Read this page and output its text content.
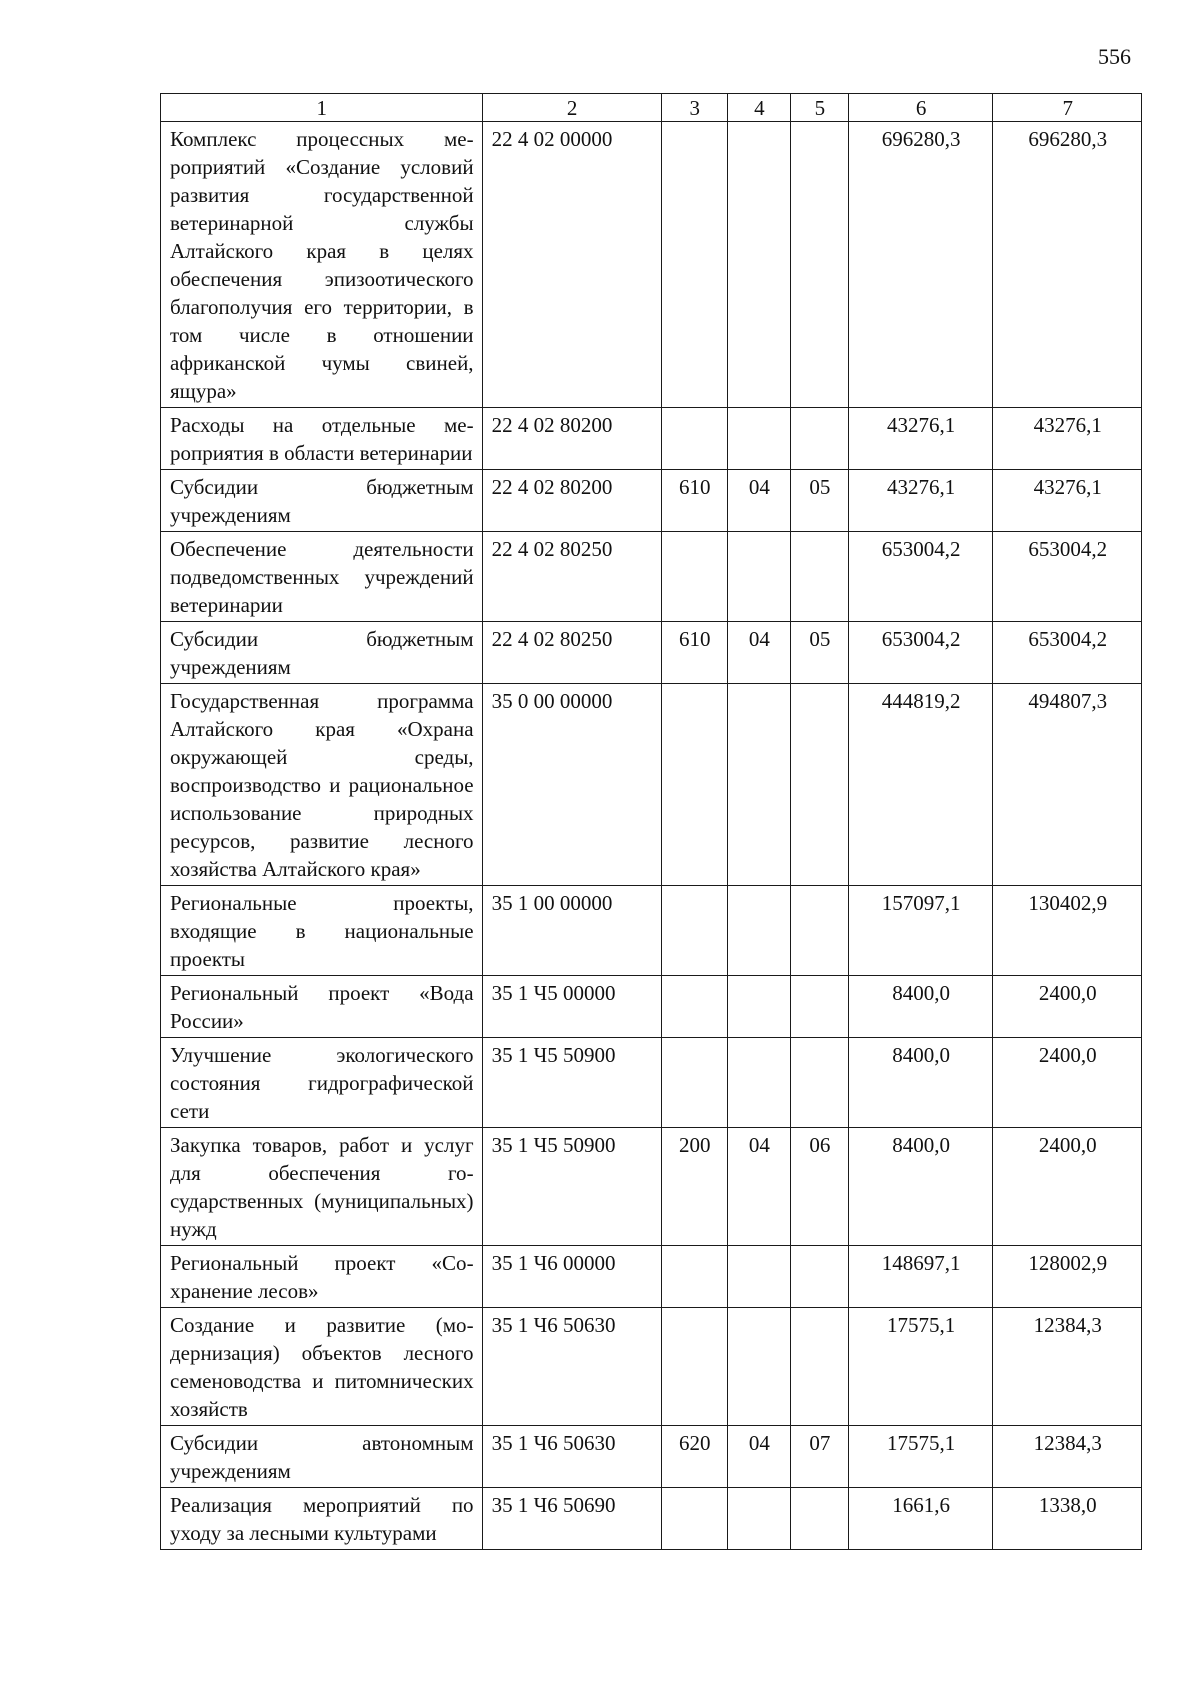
556
1	2	3	4	5	6	7
Комплекс процессных мероприятий «Создание условий развития государственной ветеринарной службы Алтайского края в целях обеспечения эпизоотического благополучия его территории, в том числе в отношении африканской чумы свиней, ящура»	22 4 02 00000				696280,3	696280,3
Расходы на отдельные мероприятия в области ветеринарии	22 4 02 80200				43276,1	43276,1
Субсидии бюджетным учреждениям	22 4 02 80200	610	04	05	43276,1	43276,1
Обеспечение деятельности подведомственных учреждений ветеринарии	22 4 02 80250				653004,2	653004,2
Субсидии бюджетным учреждениям	22 4 02 80250	610	04	05	653004,2	653004,2
Государственная программа Алтайского края «Охрана окружающей среды, воспроизводство и рациональное использование природных ресурсов, развитие лесного хозяйства Алтайского края»	35 0 00 00000				444819,2	494807,3
Региональные проекты, входящие в национальные проекты	35 1 00 00000				157097,1	130402,9
Региональный проект «Вода России»	35 1 Ч5 00000				8400,0	2400,0
Улучшение экологического состояния гидрографической сети	35 1 Ч5 50900				8400,0	2400,0
Закупка товаров, работ и услуг для обеспечения государственных (муниципальных) нужд	35 1 Ч5 50900	200	04	06	8400,0	2400,0
Региональный проект «Сохранение лесов»	35 1 Ч6 00000				148697,1	128002,9
Создание и развитие (модернизация) объектов лесного семеноводства и питомнических хозяйств	35 1 Ч6 50630				17575,1	12384,3
Субсидии автономным учреждениям	35 1 Ч6 50630	620	04	07	17575,1	12384,3
Реализация мероприятий по уходу за лесными культурами	35 1 Ч6 50690				1661,6	1338,0
